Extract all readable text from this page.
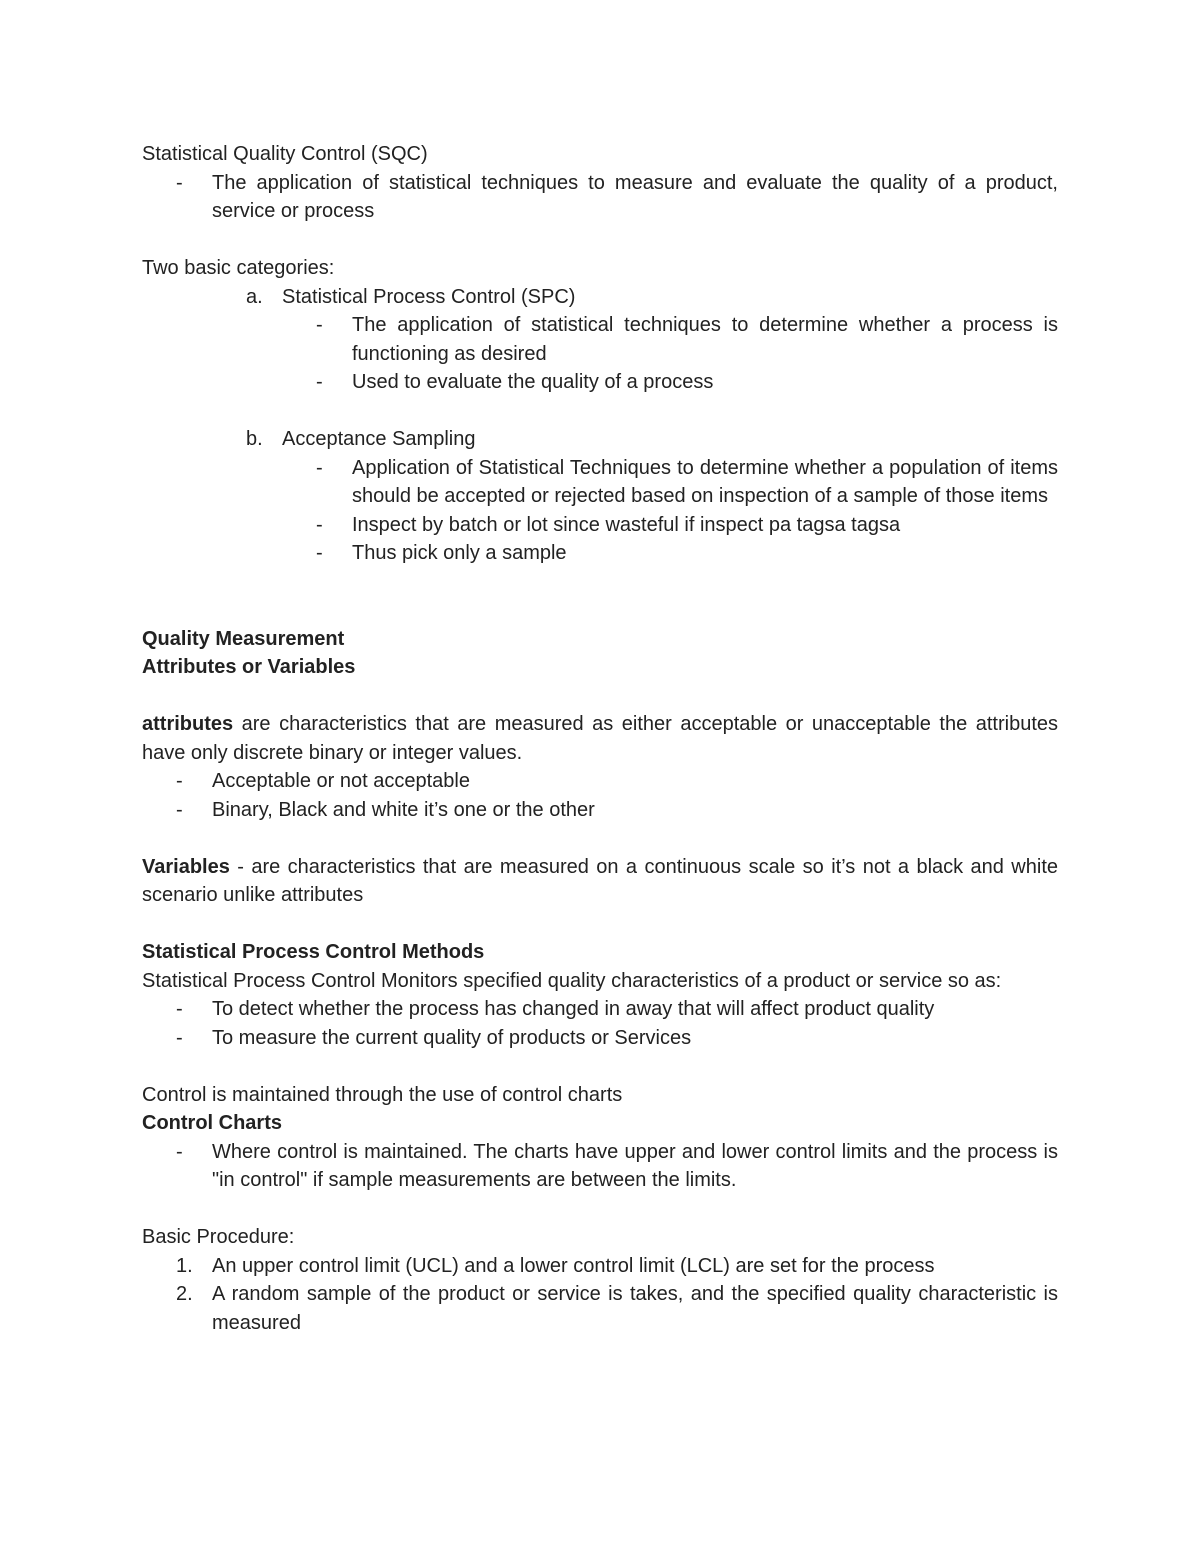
Statistical Quality Control (SQC)

- The application of statistical techniques to measure and evaluate the quality of a product, service or process

Two basic categories:

a. Statistical Process Control (SPC)
- The application of statistical techniques to determine whether a process is functioning as desired
- Used to evaluate the quality of a process
b. Acceptance Sampling
- Application of Statistical Techniques to determine whether a population of items should be accepted or rejected based on inspection of a sample of those items
- Inspect by batch or lot since wasteful if inspect pa tagsa tagsa
- Thus pick only a sample

Quality Measurement

Attributes or Variables

attributes are characteristics that are measured as either acceptable or unacceptable the attributes have only discrete binary or integer values.

- Acceptable or not acceptable
- Binary, Black and white it’s one or the other

Variables - are characteristics that are measured on a continuous scale so it’s not a black and white scenario unlike attributes

Statistical Process Control Methods

Statistical Process Control Monitors specified quality characteristics of a product or service so as:

- To detect whether the process has changed in away that will affect product quality
- To measure the current quality of products or Services

Control is maintained through the use of control charts

Control Charts

- Where control is maintained. The charts have upper and lower control limits and the process is "in control" if sample measurements are between the limits.

Basic Procedure:

1. An upper control limit (UCL) and a lower control limit (LCL) are set for the process
2. A random sample of the product or service is takes, and the specified quality characteristic is measured
